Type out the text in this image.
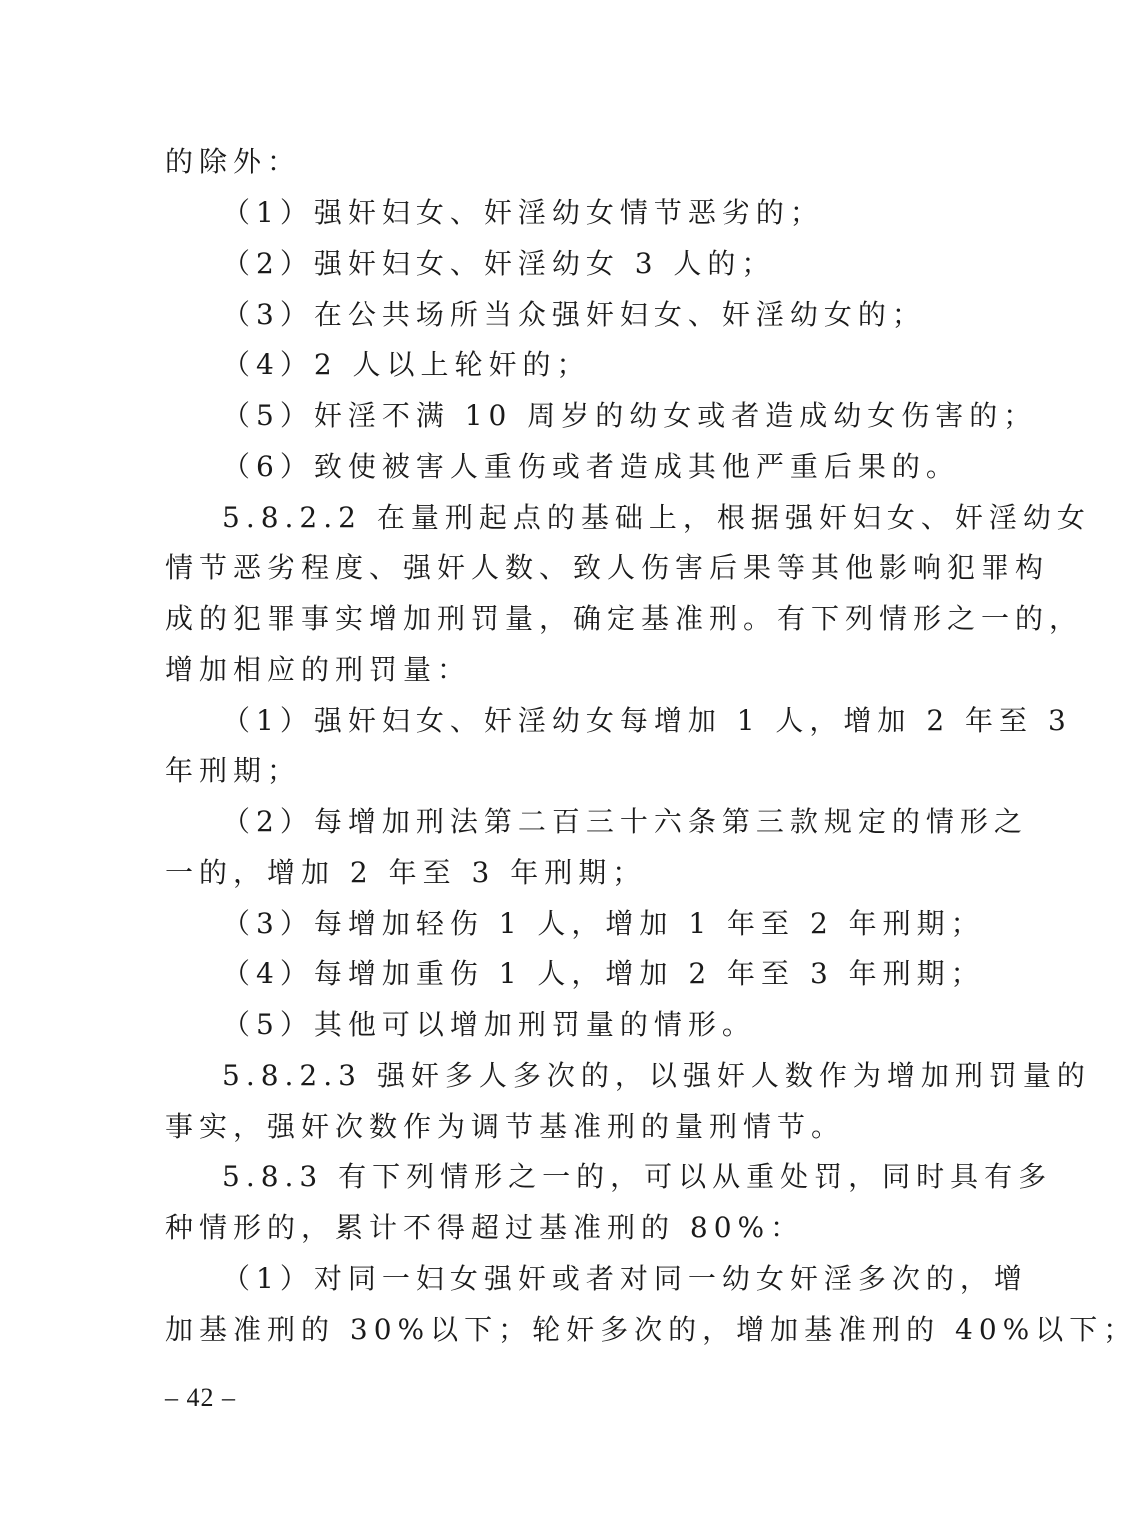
的除外：
（1）强奸妇女、奸淫幼女情节恶劣的；
（2）强奸妇女、奸淫幼女 3 人的；
（3）在公共场所当众强奸妇女、奸淫幼女的；
（4）2 人以上轮奸的；
（5）奸淫不满 10 周岁的幼女或者造成幼女伤害的；
（6）致使被害人重伤或者造成其他严重后果的。
5.8.2.2 在量刑起点的基础上，根据强奸妇女、奸淫幼女
情节恶劣程度、强奸人数、致人伤害后果等其他影响犯罪构
成的犯罪事实增加刑罚量，确定基准刑。有下列情形之一的，
增加相应的刑罚量：
（1）强奸妇女、奸淫幼女每增加 1 人，增加 2 年至 3
年刑期；
（2）每增加刑法第二百三十六条第三款规定的情形之
一的，增加 2 年至 3 年刑期；
（3）每增加轻伤 1 人，增加 1 年至 2 年刑期；
（4）每增加重伤 1 人，增加 2 年至 3 年刑期；
（5）其他可以增加刑罚量的情形。
5.8.2.3 强奸多人多次的，以强奸人数作为增加刑罚量的
事实，强奸次数作为调节基准刑的量刑情节。
5.8.3 有下列情形之一的，可以从重处罚，同时具有多
种情形的，累计不得超过基准刑的 80%：
（1）对同一妇女强奸或者对同一幼女奸淫多次的，增
加基准刑的 30%以下；轮奸多次的，增加基准刑的 40%以下；
– 42 –
